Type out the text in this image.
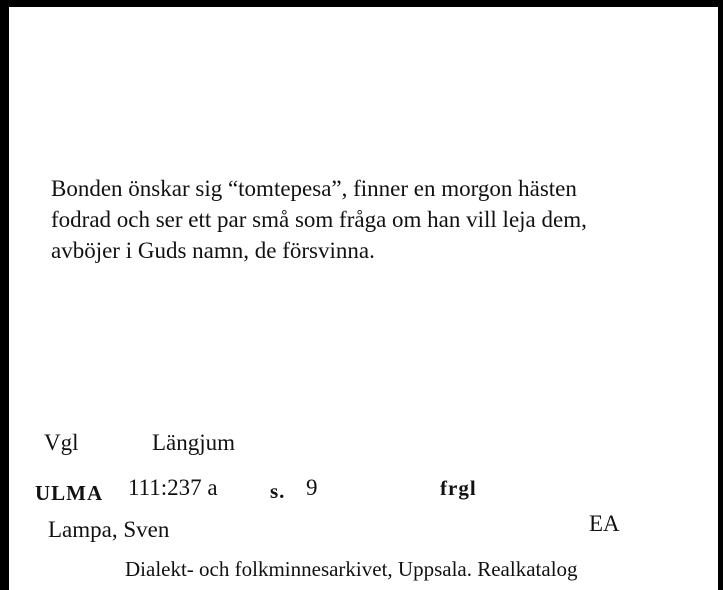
Bonden önskar sig “tomtepesa”, finner en morgon hästen
fodrad och ser ett par små som fråga om han vill leja dem,
avböjer i Guds namn, de försvinna.

Vgl	Längjum
ULMA 111:237 a s. 9	frgl
Lampa, Sven	EA
Dialekt- och folkminnesarkivet, Uppsala. Realkatalog
